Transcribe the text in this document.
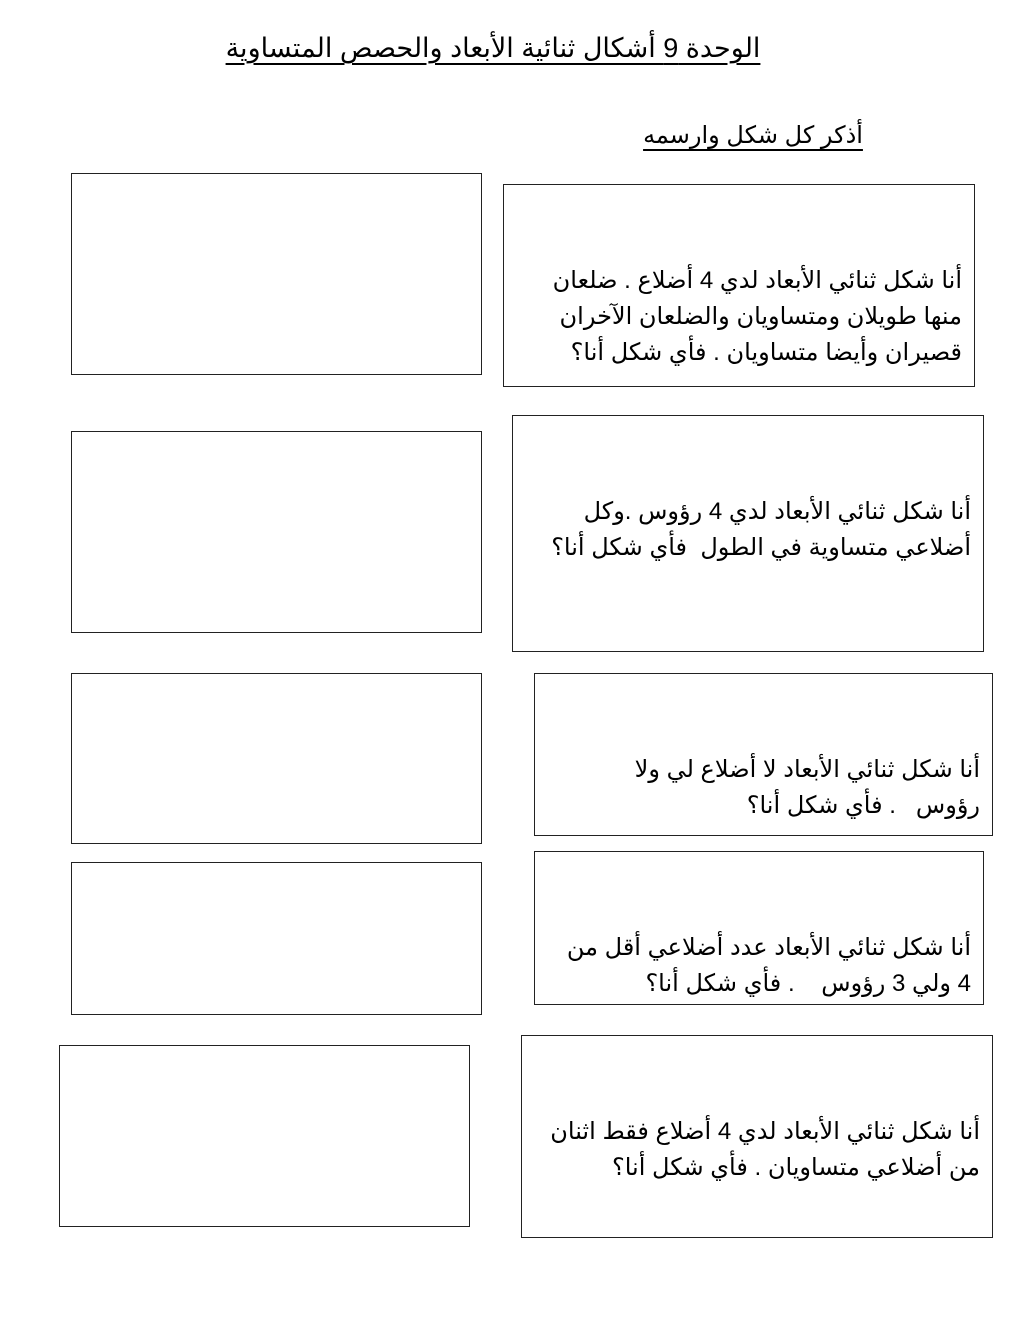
الوحدة 9 أشكال ثنائية الأبعاد والحصص المتساوية
أذكر كل شكل وارسمه

أنا شكل ثنائي الأبعاد لدي 4 أضلاع . ضلعان منها طويلان ومتساويان والضلعان الآخران قصيران وأيضا متساويان . فأي شكل أنا؟

أنا شكل ثنائي الأبعاد لدي 4 رؤوس .وكل أضلاعي متساوية في الطول  فأي شكل أنا؟

أنا شكل ثنائي الأبعاد لا أضلاع لي ولا رؤوس   . فأي شكل أنا؟

أنا شكل ثنائي الأبعاد عدد أضلاعي أقل من 4 ولي 3 رؤوس    . فأي شكل أنا؟

أنا شكل ثنائي الأبعاد لدي 4 أضلاع فقط اثنان من أضلاعي متساويان . فأي شكل أنا؟
